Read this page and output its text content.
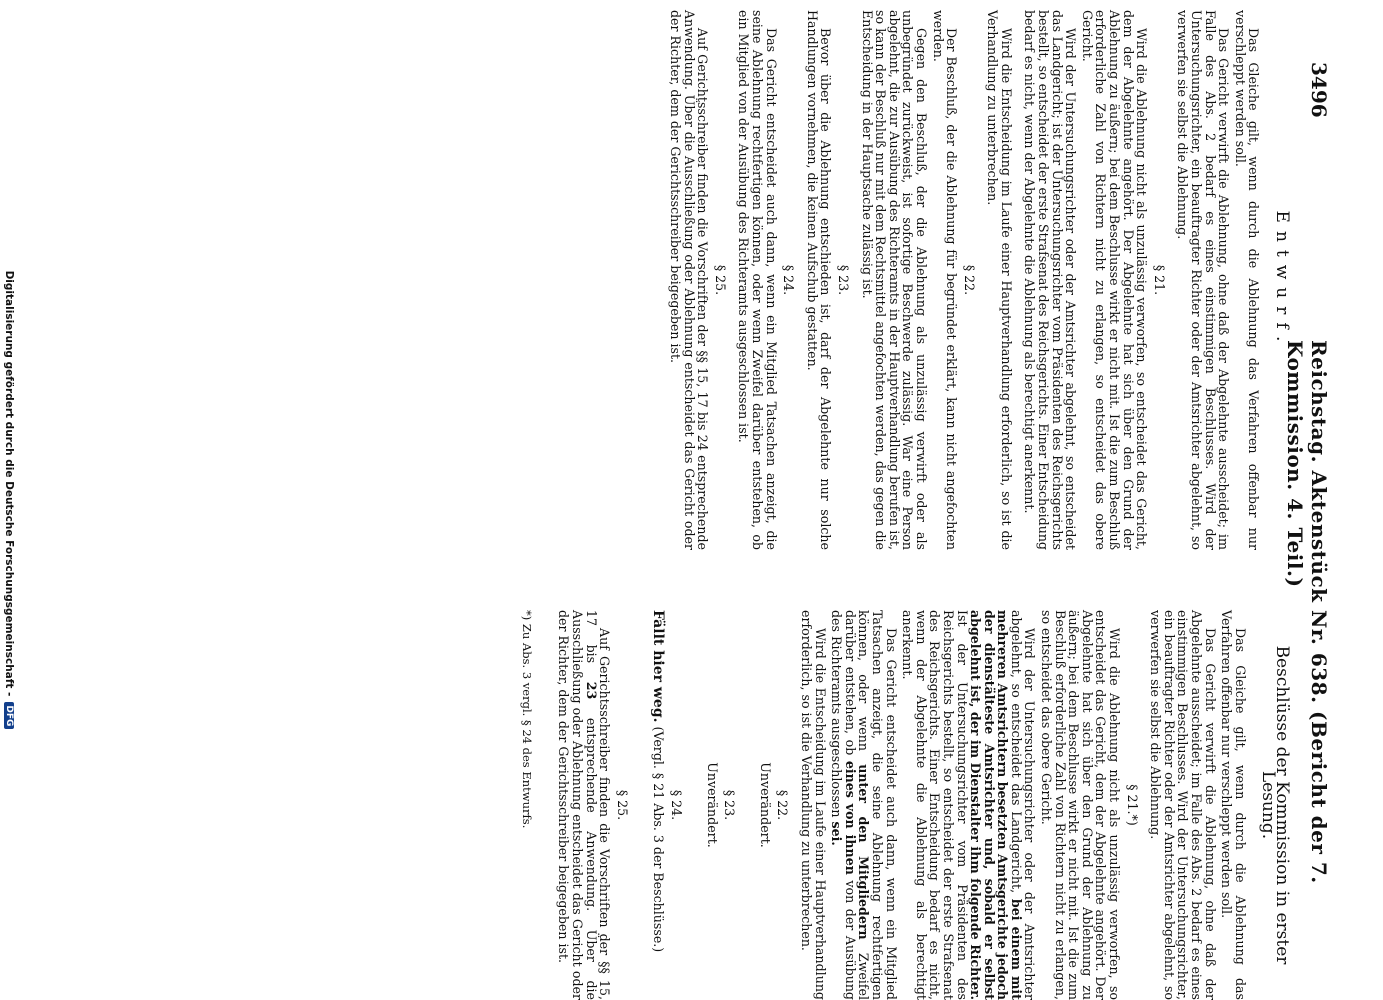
3496
Reichstag. Aktenstück Nr. 638. (Bericht der 7. Kommission. 4. Teil.)
Entwurf.

Das Gleiche gilt, wenn durch die Ablehnung das Verfahren offenbar nur verschleppt werden soll.

Das Gericht verwirft die Ablehnung, ohne daß der Abgelehnte ausscheidet; im Falle des Abs. 2 bedarf es eines einstimmigen Beschlusses. Wird der Untersuchungsrichter, ein beauftragter Richter oder der Amtsrichter abgelehnt, so verwerfen sie selbst die Ablehnung.

§ 21.

Wird die Ablehnung nicht als unzulässig verworfen, so entscheidet das Gericht, dem der Abgelehnte angehört. Der Abgelehnte hat sich über den Grund der Ablehnung zu äußern; bei dem Beschlusse wirkt er nicht mit. Ist die zum Beschluß erforderliche Zahl von Richtern nicht zu erlangen, so entscheidet das obere Gericht.

Wird der Untersuchungsrichter oder der Amtsrichter abgelehnt, so entscheidet das Landgericht; ist der Untersuchungsrichter vom Präsidenten des Reichsgerichts bestellt, so entscheidet der erste Strafsenat des Reichsgerichts. Einer Entscheidung bedarf es nicht, wenn der Abgelehnte die Ablehnung als berechtigt anerkennt.

Wird die Entscheidung im Laufe einer Hauptverhandlung erforderlich, so ist die Verhandlung zu unterbrechen.

§ 22.

Der Beschluß, der die Ablehnung für begründet erklärt, kann nicht angefochten werden.

Gegen den Beschluß, der die Ablehnung als unzulässig verwirft oder als unbegründet zurückweist, ist sofortige Beschwerde zulässig. War eine Person abgelehnt, die zur Ausübung des Richteramts in der Hauptverhandlung berufen ist, so kann der Beschluß nur mit dem Rechtsmittel angefochten werden, das gegen die Entscheidung in der Hauptsache zulässig ist.

§ 23.

Bevor über die Ablehnung entschieden ist, darf der Abgelehnte nur solche Handlungen vornehmen, die keinen Aufschub gestatten.

§ 24.

Das Gericht entscheidet auch dann, wenn ein Mitglied Tatsachen anzeigt, die seine Ablehnung rechtfertigen können, oder wenn Zweifel darüber entstehen, ob ein Mitglied von der Ausübung des Richteramts ausgeschlossen ist.

§ 25.

Auf Gerichtsschreiber finden die Vorschriften der §§ 15, 17 bis 24 entsprechende Anwendung. Über die Ausschließung oder Ablehnung entscheidet das Gericht oder der Richter, dem der Gerichtsschreiber beigegeben ist.

Beschlüsse der Kommission in erster Lesung.

Das Gleiche gilt, wenn durch die Ablehnung das Verfahren offenbar nur verschleppt werden soll.

Das Gericht verwirft die Ablehnung, ohne daß der Abgelehnte ausscheidet; im Falle des Abs. 2 bedarf es eines einstimmigen Beschlusses. Wird der Untersuchungsrichter, ein beauftragter Richter oder der Amtsrichter abgelehnt, so verwerfen sie selbst die Ablehnung.

§ 21.*)

Wird die Ablehnung nicht als unzulässig verworfen, so entscheidet das Gericht, dem der Abgelehnte angehört. Der Abgelehnte hat sich über den Grund der Ablehnung zu äußern; bei dem Beschlusse wirkt er nicht mit. Ist die zum Beschluß erforderliche Zahl von Richtern nicht zu erlangen, so entscheidet das obere Gericht.

Wird der Untersuchungsrichter oder der Amtsrichter abgelehnt, so entscheidet das Landgericht, bei einem mit mehreren Amtsrichtern besetzten Amtsgerichte jedoch der dienstälteste Amtsrichter und, sobald er selbst abgelehnt ist, der im Dienstalter ihm folgende Richter. Ist der Untersuchungsrichter vom Präsidenten des Reichsgerichts bestellt, so entscheidet der erste Strafsenat des Reichsgerichts. Einer Entscheidung bedarf es nicht, wenn der Abgelehnte die Ablehnung als berechtigt anerkennt.

Das Gericht entscheidet auch dann, wenn ein Mitglied Tatsachen anzeigt, die seine Ablehnung rechtfertigen können, oder wenn unter den Mitgliedern Zweifel darüber entstehen, ob eines von ihnen von der Ausübung des Richteramts ausgeschlossen sei.

Wird die Entscheidung im Laufe einer Hauptverhandlung erforderlich, so ist die Verhandlung zu unterbrechen.

§ 22.
Unverändert.
§ 23.
Unverändert.
§ 24.
Fällt hier weg. (Vergl. § 21 Abs. 3 der Beschlüsse.)
§ 25.

Auf Gerichtsschreiber finden die Vorschriften der §§ 15, 17 bis 23 entsprechende Anwendung. Über die Ausschließung oder Ablehnung entscheidet das Gericht oder der Richter, dem der Gerichtsschreiber beigegeben ist.

*) Zu Abs. 3 vergl. § 24 des Entwurfs.
Digitalisierung gefördert durch die Deutsche Forschungsgemeinschaft -
DFG
